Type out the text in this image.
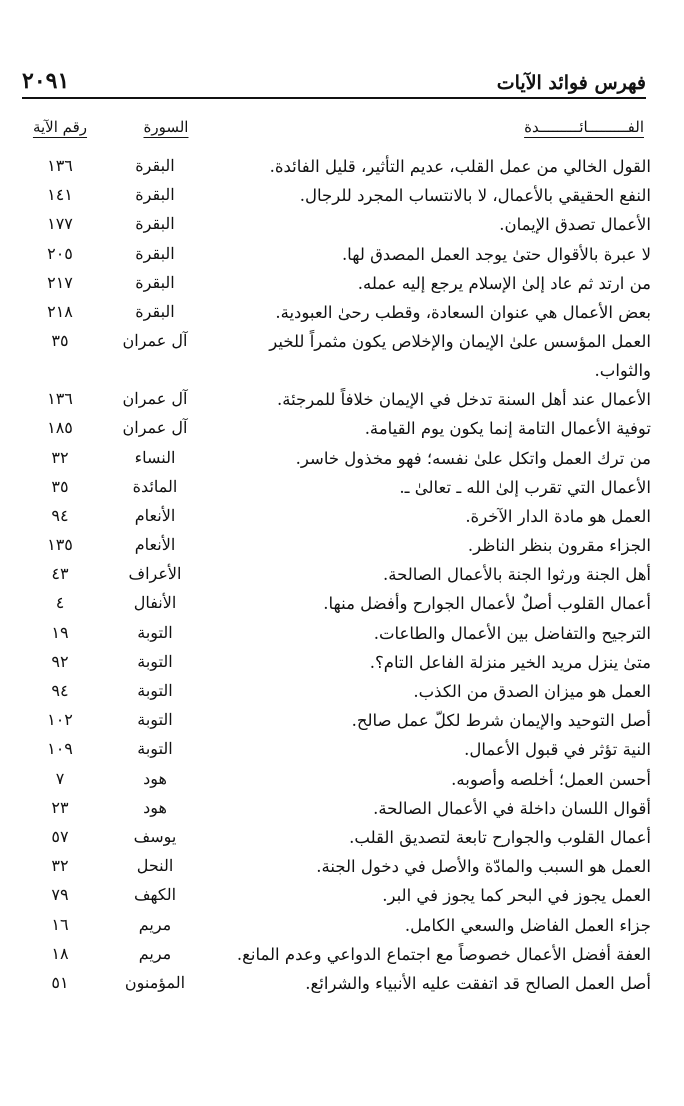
فهرس فوائد الآيات
٢٠٩١
الفـــــــــائـــــــــدة
السورة
رقم الآية
القول الخالي من عمل القلب، عديم التأثير، قليل الفائدة.
البقرة
١٣٦
النفع الحقيقي بالأعمال، لا بالانتساب المجرد للرجال.
البقرة
١٤١
الأعمال تصدق الإيمان.
البقرة
١٧٧
لا عبرة بالأقوال حتىٰ يوجد العمل المصدق لها.
البقرة
٢٠٥
من ارتد ثم عاد إلىٰ الإسلام يرجع إليه عمله.
البقرة
٢١٧
بعض الأعمال هي عنوان السعادة، وقطب رحىٰ العبودية.
البقرة
٢١٨
العمل المؤسس علىٰ الإيمان والإخلاص يكون مثمراً للخير والثواب.
آل عمران
٣٥
الأعمال عند أهل السنة تدخل في الإيمان خلافاً للمرجئة.
آل عمران
١٣٦
توفية الأعمال التامة إنما يكون يوم القيامة.
آل عمران
١٨٥
من ترك العمل واتكل علىٰ نفسه؛ فهو مخذول خاسر.
النساء
٣٢
الأعمال التي تقرب إلىٰ الله ـ تعالىٰ ـ.
المائدة
٣٥
العمل هو مادة الدار الآخرة.
الأنعام
٩٤
الجزاء مقرون بنظر الناظر.
الأنعام
١٣٥
أهل الجنة ورثوا الجنة بالأعمال الصالحة.
الأعراف
٤٣
أعمال القلوب أصلٌ لأعمال الجوارح وأفضل منها.
الأنفال
٤
الترجيح والتفاضل بين الأعمال والطاعات.
التوبة
١٩
متىٰ ينزل مريد الخير منزلة الفاعل التام؟.
التوبة
٩٢
العمل هو ميزان الصدق من الكذب.
التوبة
٩٤
أصل التوحيد والإيمان شرط لكلّ عمل صالح.
التوبة
١٠٢
النية تؤثر في قبول الأعمال.
التوبة
١٠٩
أحسن العمل؛ أخلصه وأصوبه.
هود
٧
أقوال اللسان داخلة في الأعمال الصالحة.
هود
٢٣
أعمال القلوب والجوارح تابعة لتصديق القلب.
يوسف
٥٧
العمل هو السبب والمادّة والأصل في دخول الجنة.
النحل
٣٢
العمل يجوز في البحر كما يجوز في البر.
الكهف
٧٩
جزاء العمل الفاضل والسعي الكامل.
مريم
١٦
العفة أفضل الأعمال خصوصاً مع اجتماع الدواعي وعدم المانع.
مريم
١٨
أصل العمل الصالح قد اتفقت عليه الأنبياء والشرائع.
المؤمنون
٥١
